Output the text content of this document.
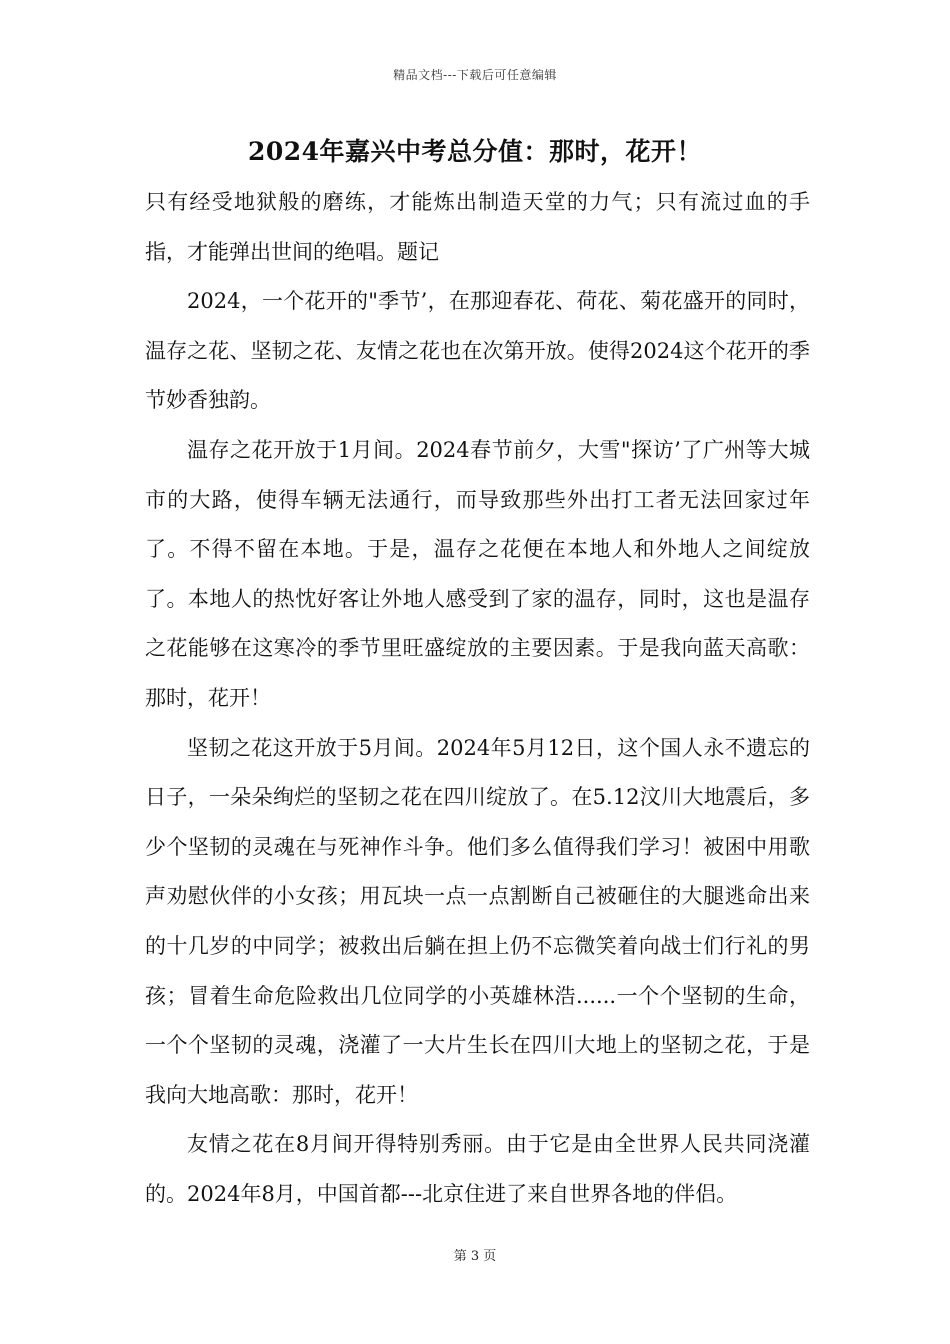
精品文档---下载后可任意编辑
2024年嘉兴中考总分值：那时，花开！

只有经受地狱般的磨练，才能炼出制造天堂的力气；只有流过血的手指，才能弹出世间的绝唱。题记

2024，一个花开的"季节’，在那迎春花、荷花、菊花盛开的同时，温存之花、坚韧之花、友情之花也在次第开放。使得2024这个花开的季节妙香独韵。

温存之花开放于1月间。2024春节前夕，大雪"探访’了广州等大城市的大路，使得车辆无法通行，而导致那些外出打工者无法回家过年了。不得不留在本地。于是，温存之花便在本地人和外地人之间绽放了。本地人的热忱好客让外地人感受到了家的温存，同时，这也是温存之花能够在这寒冷的季节里旺盛绽放的主要因素。于是我向蓝天高歌：那时，花开！

坚韧之花这开放于5月间。2024年5月12日，这个国人永不遗忘的日子，一朵朵绚烂的坚韧之花在四川绽放了。在5.12汶川大地震后，多少个坚韧的灵魂在与死神作斗争。他们多么值得我们学习！被困中用歌声劝慰伙伴的小女孩；用瓦块一点一点割断自己被砸住的大腿逃命出来的十几岁的中同学；被救出后躺在担上仍不忘微笑着向战士们行礼的男孩；冒着生命危险救出几位同学的小英雄林浩......一个个坚韧的生命，一个个坚韧的灵魂，浇灌了一大片生长在四川大地上的坚韧之花，于是我向大地高歌：那时，花开！

友情之花在8月间开得特别秀丽。由于它是由全世界人民共同浇灌的。2024年8月，中国首都---北京住进了来自世界各地的伴侣。

第 3 页
